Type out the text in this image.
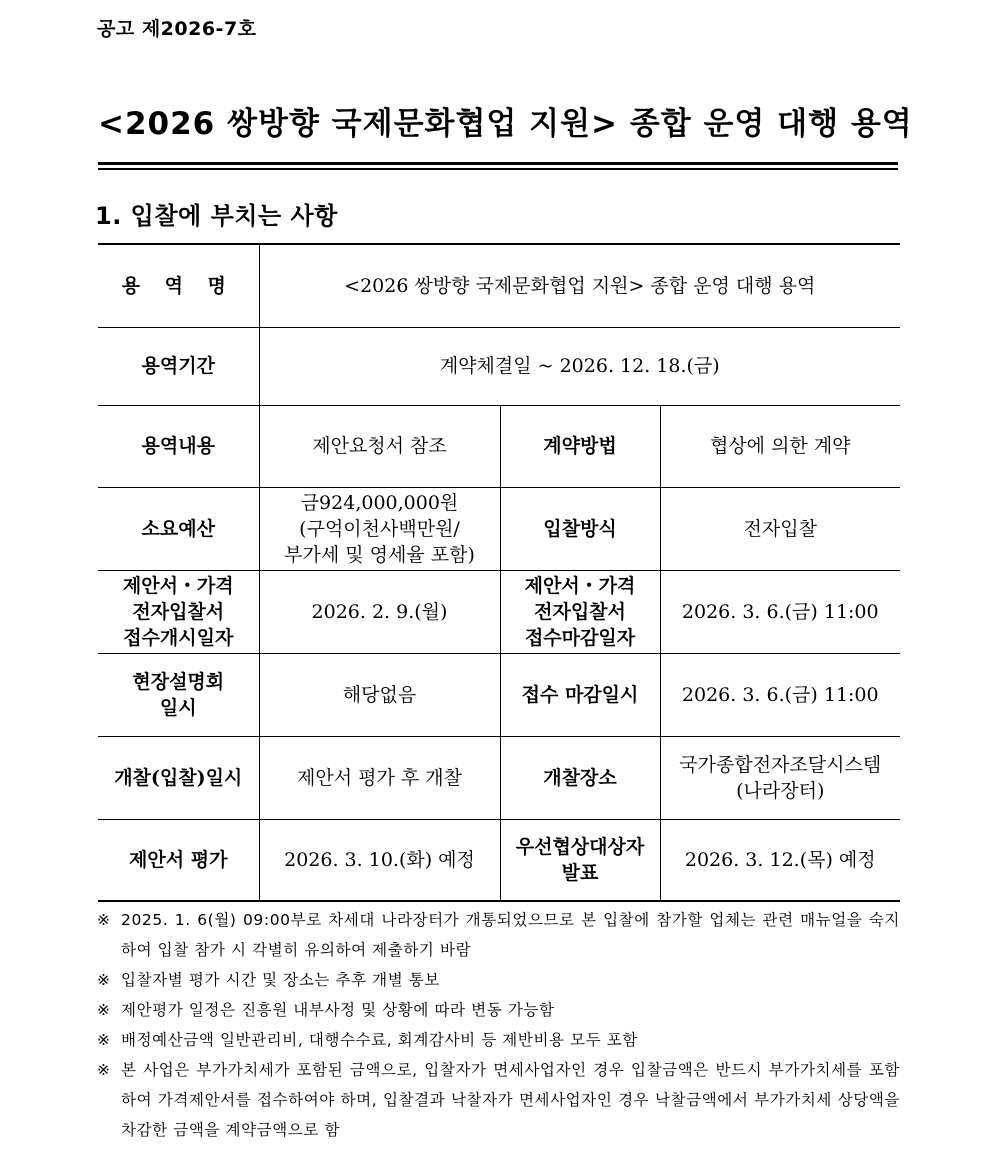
공고 제2026-7호
<2026 쌍방향 국제문화협업 지원> 종합 운영 대행 용역
1. 입찰에 부치는 사항
용 역 명	<2026 쌍방향 국제문화협업 지원> 종합 운영 대행 용역		
용역기간	계약체결일 ~ 2026. 12. 18.(금)		
용역내용	제안요청서 참조	계약방법	협상에 의한 계약
소요예산	금924,000,000원
(구억이천사백만원/
부가세 및 영세율 포함)	입찰방식	전자입찰

제안서・가격
전자입찰서
접수개시일자	2026. 2. 9.(월)	제안서・가격
전자입찰서
접수마감일자	2026. 3. 6.(금) 11:00

현장설명회
일시	해당없음	접수 마감일시	2026. 3. 6.(금) 11:00
개찰(입찰)일시	제안서 평가 후 개찰	개찰장소	국가종합전자조달시스템
(나라장터)

제안서 평가	2026. 3. 10.(화) 예정	우선협상대상자
발표	2026. 3. 12.(목) 예정
※ 2025. 1. 6(월) 09:00부로 차세대 나라장터가 개통되었으므로 본 입찰에 참가할 업체는 관련 매뉴얼을 숙지하여 입찰 참가 시 각별히 유의하여 제출하기 바람
※ 입찰자별 평가 시간 및 장소는 추후 개별 통보
※ 제안평가 일정은 진흥원 내부사정 및 상황에 따라 변동 가능함
※ 배정예산금액 일반관리비, 대행수수료, 회계감사비 등 제반비용 모두 포함
※ 본 사업은 부가가치세가 포함된 금액으로, 입찰자가 면세사업자인 경우 입찰금액은 반드시 부가가치세를 포함하여 가격제안서를 접수하여야 하며, 입찰결과 낙찰자가 면세사업자인 경우 낙찰금액에서 부가가치세 상당액을 차감한 금액을 계약금액으로 함
